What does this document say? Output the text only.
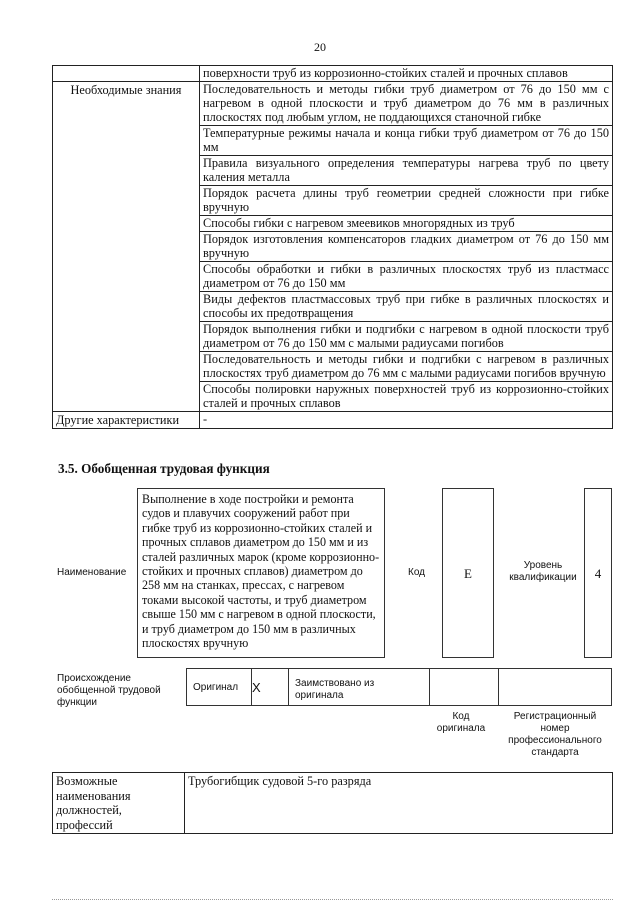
20
	поверхности труб из коррозионно-стойких сталей и прочных сплавов
Необходимые знания	Последовательность и методы гибки труб диаметром от 76 до 150 мм с нагревом в одной плоскости и труб диаметром до 76 мм в различных плоскостях под любым углом, не поддающихся станочной гибке
	Температурные режимы начала и конца гибки труб диаметром от 76 до 150 мм
	Правила визуального определения температуры нагрева труб по цвету каления металла
	Порядок расчета длины труб геометрии средней сложности при гибке вручную
	Способы гибки с нагревом змеевиков многорядных из труб
	Порядок изготовления компенсаторов гладких диаметром от 76 до 150 мм вручную
	Способы обработки и гибки в различных плоскостях труб из пластмасс диаметром от 76 до 150 мм
	Виды дефектов пластмассовых труб при гибке в различных плоскостях и способы их предотвращения
	Порядок выполнения гибки и подгибки с нагревом в одной плоскости труб диаметром от 76 до 150 мм с малыми радиусами погибов
	Последовательность и методы гибки и подгибки с нагревом в различных плоскостях труб диаметром до 76 мм с малыми радиусами погибов вручную
	Способы полировки наружных поверхностей труб из коррозионно-стойких сталей и прочных сплавов
Другие характеристики	-
3.5. Обобщенная трудовая функция
Наименование
Выполнение в ходе постройки и ремонта судов и плавучих сооружений работ при гибке труб из коррозионно-стойких сталей и прочных сплавов диаметром до 150 мм и из сталей различных марок (кроме коррозионно-стойких и прочных сплавов) диаметром до 258 мм на станках, прессах, с нагревом токами высокой частоты, и труб диаметром свыше 150 мм с нагревом в одной плоскости, и труб диаметром до 150 мм в различных плоскостях вручную
Код	E
Уровень квалификации	4
Происхождение обобщенной трудовой функции
Оригинал	X	Заимствовано из оригинала		
Код оригинала
Регистрационный номер профессионального стандарта
Возможные наименования должностей, профессий	Трубогибщик судовой 5-го разряда
